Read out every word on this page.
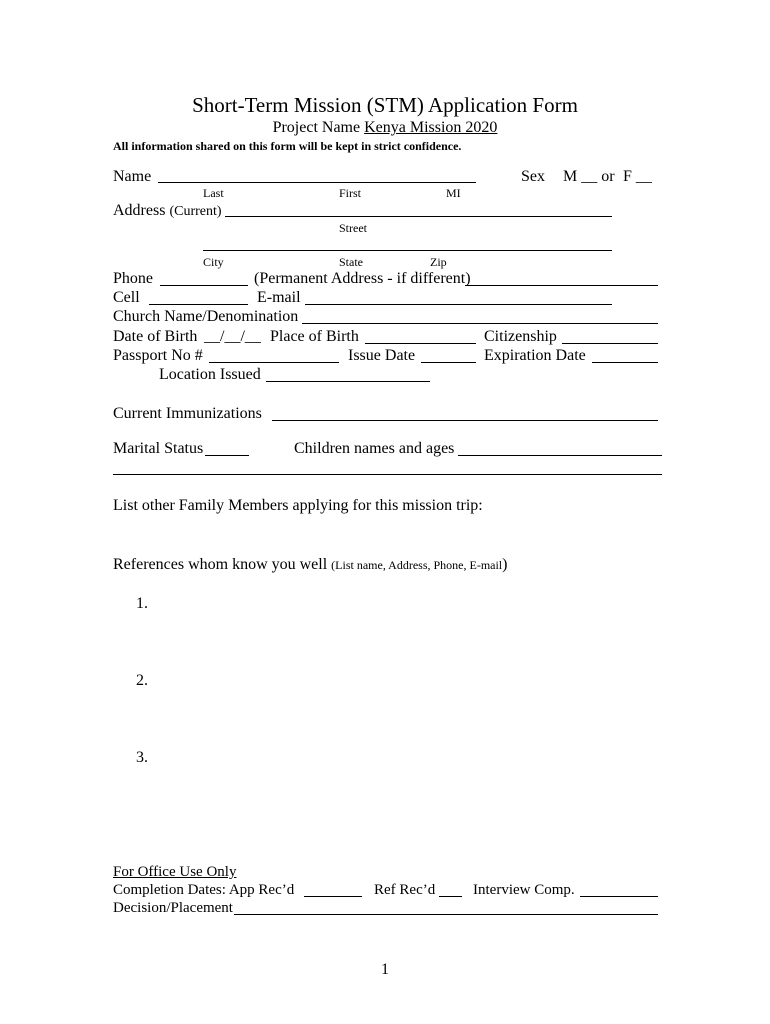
Short-Term Mission (STM) Application Form
Project Name Kenya Mission 2020
All information shared on this form will be kept in strict confidence.
Name	Sex M __ or F __
Last	First	MI
Address (Current)
Street
City	State	Zip
Phone	(Permanent Address - if different)
Cell	E-mail
Church Name/Denomination
Date of Birth __/__/__ Place of Birth	Citizenship
Passport No #	Issue Date	Expiration Date
Location Issued
Current Immunizations
Marital Status	Children names and ages
List other Family Members applying for this mission trip:
References whom know you well (List name, Address, Phone, E-mail)
1.
2.
3.
For Office Use Only
Completion Dates: App Rec’d	Ref Rec’d	Interview Comp.
Decision/Placement
1
